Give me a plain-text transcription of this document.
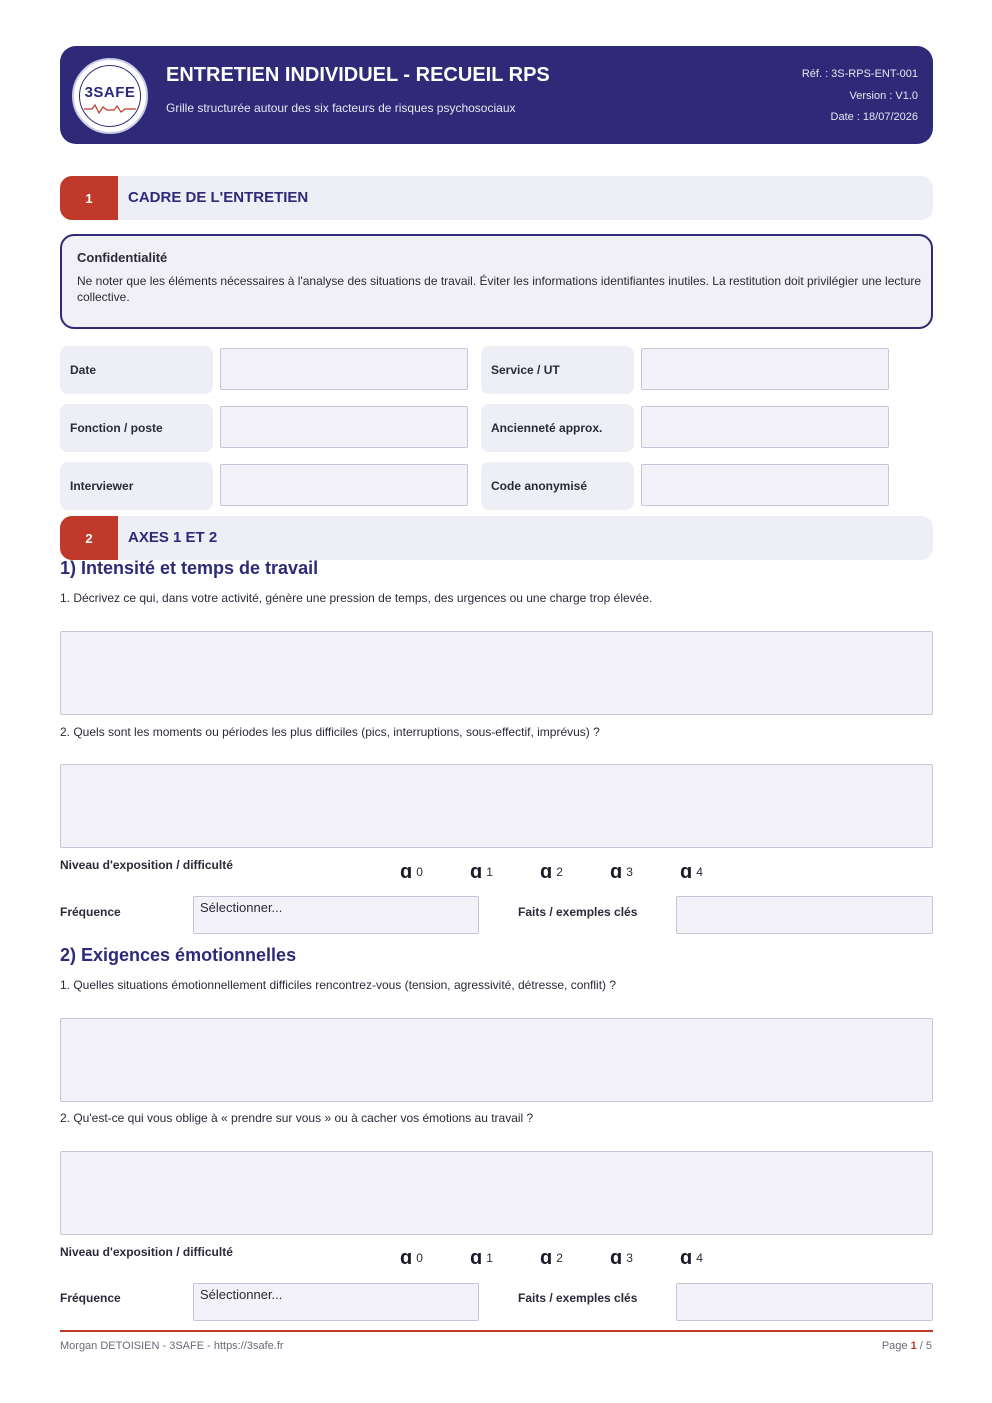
3SAFE
ENTRETIEN INDIVIDUEL - RECUEIL RPS
Grille structurée autour des six facteurs de risques psychosociaux
Réf. : 3S-RPS-ENT-001
Version : V1.0
Date : 18/07/2026
1	CADRE DE L'ENTRETIEN
Confidentialité
Ne noter que les éléments nécessaires à l'analyse des situations de travail. Éviter les informations identifiantes inutiles. La restitution doit privilégier une lecture collective.
Date	Service / UT
Fonction / poste	Ancienneté approx.
Interviewer	Code anonymisé
2	AXES 1 ET 2
1) Intensité et temps de travail
1. Décrivez ce qui, dans votre activité, génère une pression de temps, des urgences ou une charge trop élevée.
2. Quels sont les moments ou périodes les plus difficiles (pics, interruptions, sous-effectif, imprévus) ?
Niveau d'exposition / difficulté	ɑ 0 ɑ 1 ɑ 2 ɑ 3 ɑ 4
Fréquence	Sélectionner...	Faits / exemples clés
2) Exigences émotionnelles
1. Quelles situations émotionnellement difficiles rencontrez-vous (tension, agressivité, détresse, conflit) ?
2. Qu'est-ce qui vous oblige à « prendre sur vous » ou à cacher vos émotions au travail ?
Niveau d'exposition / difficulté	ɑ 0 ɑ 1 ɑ 2 ɑ 3 ɑ 4
Fréquence	Sélectionner...	Faits / exemples clés
Morgan DETOISIEN - 3SAFE - https://3safe.fr	Page 1 / 5
